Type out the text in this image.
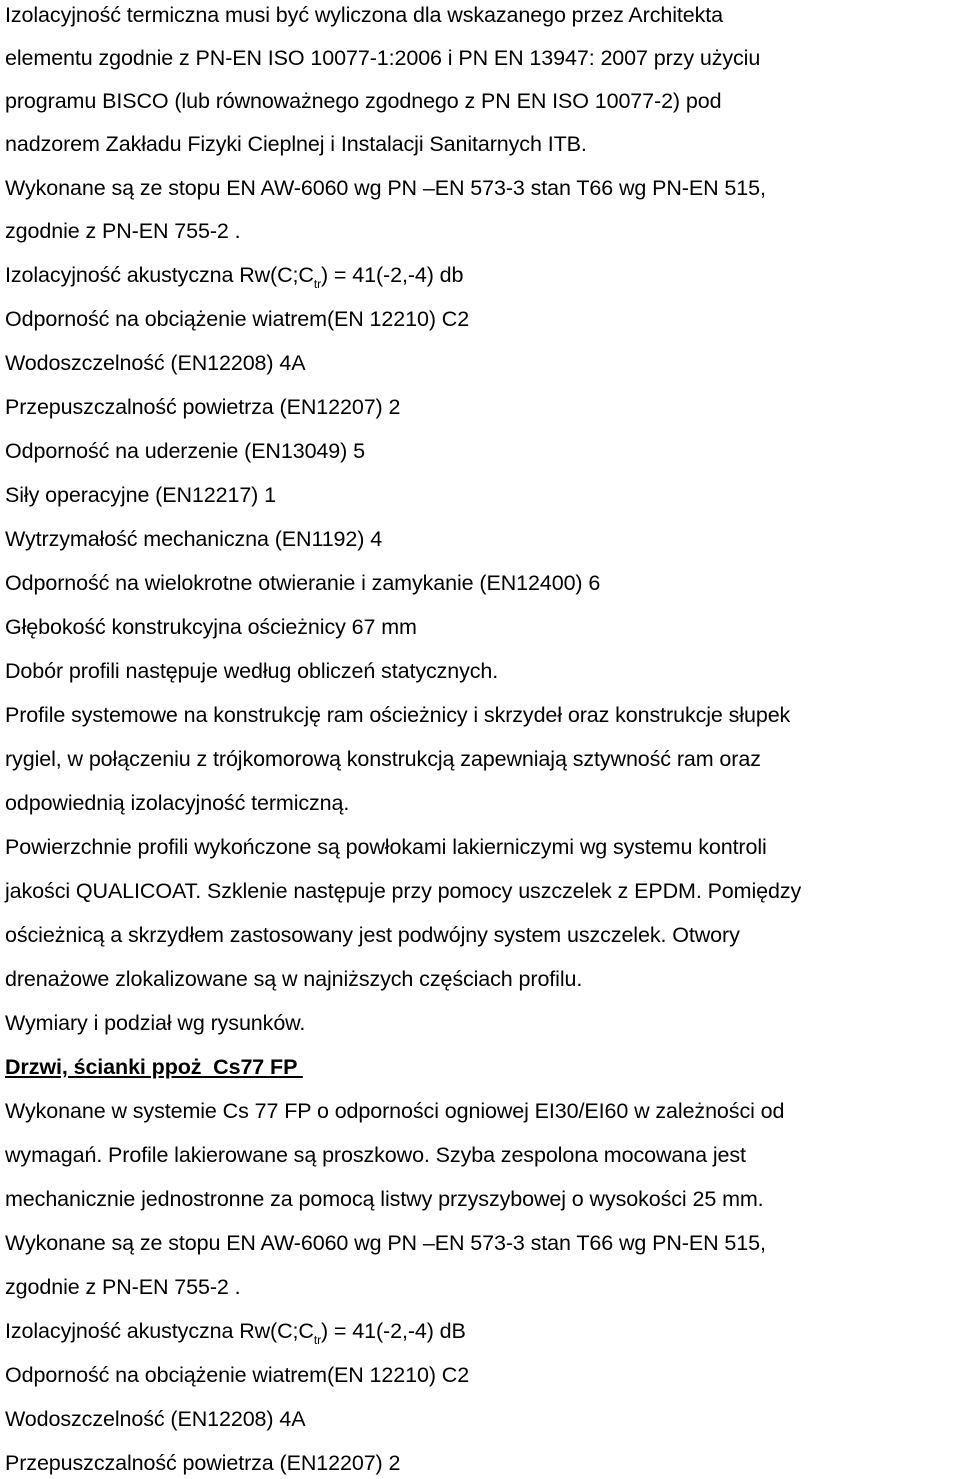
Izolacyjność termiczna musi być wyliczona dla wskazanego przez Architekta
elementu zgodnie z PN-EN ISO 10077-1:2006 i PN EN 13947: 2007 przy użyciu
programu BISCO (lub równoważnego zgodnego z PN EN ISO 10077-2) pod
nadzorem Zakładu Fizyki Cieplnej i Instalacji Sanitarnych ITB.
Wykonane są ze stopu EN AW-6060 wg PN –EN 573-3 stan T66 wg PN-EN 515,
zgodnie z PN-EN 755-2 .
Izolacyjność akustyczna $Rw(C;C_{tr}) = 41(-2,-4)$ db
Odporność na obciążenie wiatrem(EN 12210) C2
Wodoszczelność (EN12208) 4A
Przepuszczalność powietrza (EN12207) 2
Odporność na uderzenie (EN13049) 5
Siły operacyjne (EN12217) 1
Wytrzymałość mechaniczna (EN1192) 4
Odporność na wielokrotne otwieranie i zamykanie (EN12400) 6
Głębokość konstrukcyjna ościeżnicy 67 mm
Dobór profili następuje według obliczeń statycznych.
Profile systemowe na konstrukcję ram ościeżnicy i skrzydeł oraz konstrukcje słupek
rygiel, w połączeniu z trójkomorową konstrukcją zapewniają sztywność ram oraz
odpowiednią izolacyjność termiczną.
Powierzchnie profili wykończone są powłokami lakierniczymi wg systemu kontroli
jakości QUALICOAT. Szklenie następuje przy pomocy uszczelek z EPDM. Pomiędzy
ościeżnicą a skrzydłem zastosowany jest podwójny system uszczelek. Otwory
drenażowe zlokalizowane są w najniższych częściach profilu.
Wymiary i podział wg rysunków.
Drzwi, ścianki ppoż  Cs77 FP
Wykonane w systemie Cs 77 FP o odporności ogniowej EI30/EI60 w zależności od
wymagań. Profile lakierowane są proszkowo. Szyba zespolona mocowana jest
mechanicznie jednostronne za pomocą listwy przyszybowej o wysokości 25 mm.
Wykonane są ze stopu EN AW-6060 wg PN –EN 573-3 stan T66 wg PN-EN 515,
zgodnie z PN-EN 755-2 .
Izolacyjność akustyczna $Rw(C;C_{tr}) = 41(-2,-4)$ dB
Odporność na obciążenie wiatrem(EN 12210) C2
Wodoszczelność (EN12208) 4A
Przepuszczalność powietrza (EN12207) 2
